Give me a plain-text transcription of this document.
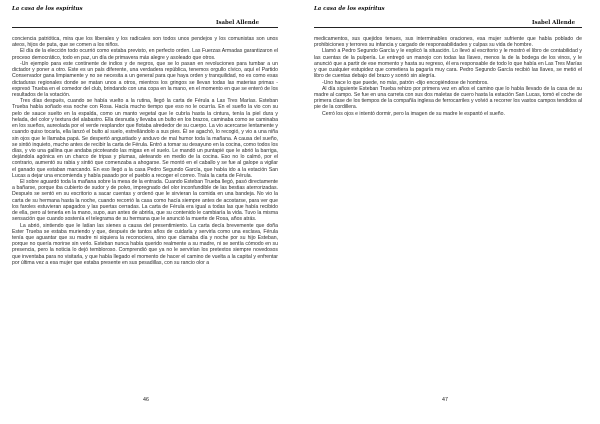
La casa de los espíritus
Isabel Allende

conciencia patriótica, mira que los liberales y los radicales son todos unos pendejos y los comunistas son unos ateos, hijos de puta, que se comen a los niños.

El día de la elección todo ocurrió como estaba previsto, en perfecto orden. Las Fuerzas Armadas garantizaron el proceso democrático, todo en paz, un día de primavera más alegre y asoleado que otros.

-Un ejemplo para este continente de indios y de negros, que se lo pasan en revoluciones para tumbar a un dictador y poner a otro. Este es un país diferente, una verdadera república, tenemos orgullo cívico, aquí el Partido Conservador gana limpiamente y no se necesita a un general para que haya orden y tranquilidad, no es como esas dictaduras regionales donde se matan unos a otros, mientros los gringos se llevan todas las materias primas -expresó Trueba en el comedor del club, brindando con una copa en la mano, en el momento en que se enteró de los resultados de la votación.

Tres días después, cuando se había vuelto a la rutina, llegó la carta de Férula a Las Tres Marías. Esteban Trueba había soñado esa noche con Rosa. Hacía mucho tiempo que eso no le ocurría. En el sueño la vio con su pelo de sauce suelto en la espalda, como un manto vegetal que le cubría hasta la cintura, tenía la piel dura y helada, del color y textura del alabastro. Ella desnuda y llevaba un bulto en los brazos, caminaba como se caminaba en los sueños, aureolada por el verde resplandor que flotaba alrededor de su cuerpo. La vio acercarse lentamente y cuando quiso tocarla, ella lanzó el bulto al suelo, estrellándolo a sus pies. Él se agachó, lo recogió, y vio a una niña sin ojos que le llamaba papá. Se despertó angustiado y anduvo de mal humor toda la mañana. A causa del sueño, se sintió inquieto, mucho antes de recibir la carta de Férula. Entró a tomar su desayuno en la cocina, como todos los días, y vio una gallina que andaba picoteando las migas en el suelo. Le mandó un puntapié que le abrió la barriga, dejándola agónica en un charco de tripas y plumas, aleteando en medio de la cocina. Eso no lo calmó, por el contrario, aumentó su rabia y sintió que comenzaba a ahogarse. Se montó en el caballo y se fue al galope a vigilar el ganado que estaban marcando. En eso llegó a la casa Pedro Segundo García, que había ido a la estación San Lucas a dejar una encomienda y había pasado por el pueblo a recoger el correo. Traía la carta de Férula.

El sobre aguardó toda la mañana sobre la mesa de la entrada. Cuando Esteban Trueba llegó, pasó directamente a bañarse, porque iba cubierto de sudor y de polvo, impregnado del olor inconfundible de las bestias aterrorizadas. Después se sentó en su escritorio a sacar cuentas y ordenó que le sirvieran la comida en una bandeja. No vio la carta de su hermana hasta la noche, cuando recorrió la casa como hacía siempre antes de acostarse, para ver que los faroles estuvieran apagados y las puertas cerradas. La carta de Férula era igual a todas las que había recibido de ella, pero al tenerla en la mano, supo, aun antes de abrirla, que su contenido le cambiaría la vida. Tuvo la misma sensación que cuando sostenía el telegrama de su hermana que le anunció la muerte de Rosa, años atrás.

La abrió, sintiendo que le latían las sienes a causa del presentimiento. La carta decía brevemente que doña Ester Trueba se estaba muriendo y que, después de tantos años de cuidarla y servirla como una esclava, Férula tenía que aguantar que su madre ni siquiera la reconociera, sino que clamaba día y noche por su hijo Esteban, porque no quería morirse sin verlo. Esteban nunca había querido realmente a su madre, ni se sentía cómodo en su presencia, pero la noticia lo dejó tembloroso. Comprendió que ya no le servirían los pretextos siempre novedosos que inventaba para no visitarla, y que había llegado el momento de hacer el camino de vuelta a la capital y enfrentar por última vez a esa mujer que estaba presente en sus pesadillas, con su rancio olor a

46
La casa de los espíritus
Isabel Allende

medicamentos, sus quejidos tenues, sus interminables oraciones, esa mujer sufriente que había poblado de prohibiciones y terrores su infancia y cargado de responsabilidades y culpas su vida de hombre.

Llamó a Pedro Segundo García y le explicó la situación. Lo llevó al escritorio y le mostró el libro de contabilidad y las cuentas de la pulpería. Le entregó un manojo con todas las llaves, menos la de la bodega de los vinos, y le anunció que a partir de ese momento y hasta su regreso, él era responsable de todo lo que había en Las Tres Marías y que cualquier estupidez que cometiera la pagaría muy cara. Pedro Segundo García recibió las llaves, se metió el libro de cuentas debajo del brazo y sonrió sin alegría.

-Uno hace lo que puede, no más, patrón -dijo encogiéndose de hombros.

Al día siguiente Esteban Trueba rehizo por primera vez en años el camino que lo había llevado de la casa de su madre al campo. Se fue en una carreta con sus dos maletas de cuero hasta la estación San Lucas, tomó el coche de primera clase de los tiempos de la compañía inglesa de ferrocarriles y volvió a recorrer los vastos campos tendidos al pie de la cordillera.

Cerró los ojos e intentó dormir, pero la imagen de su madre le espantó el sueño.

47
